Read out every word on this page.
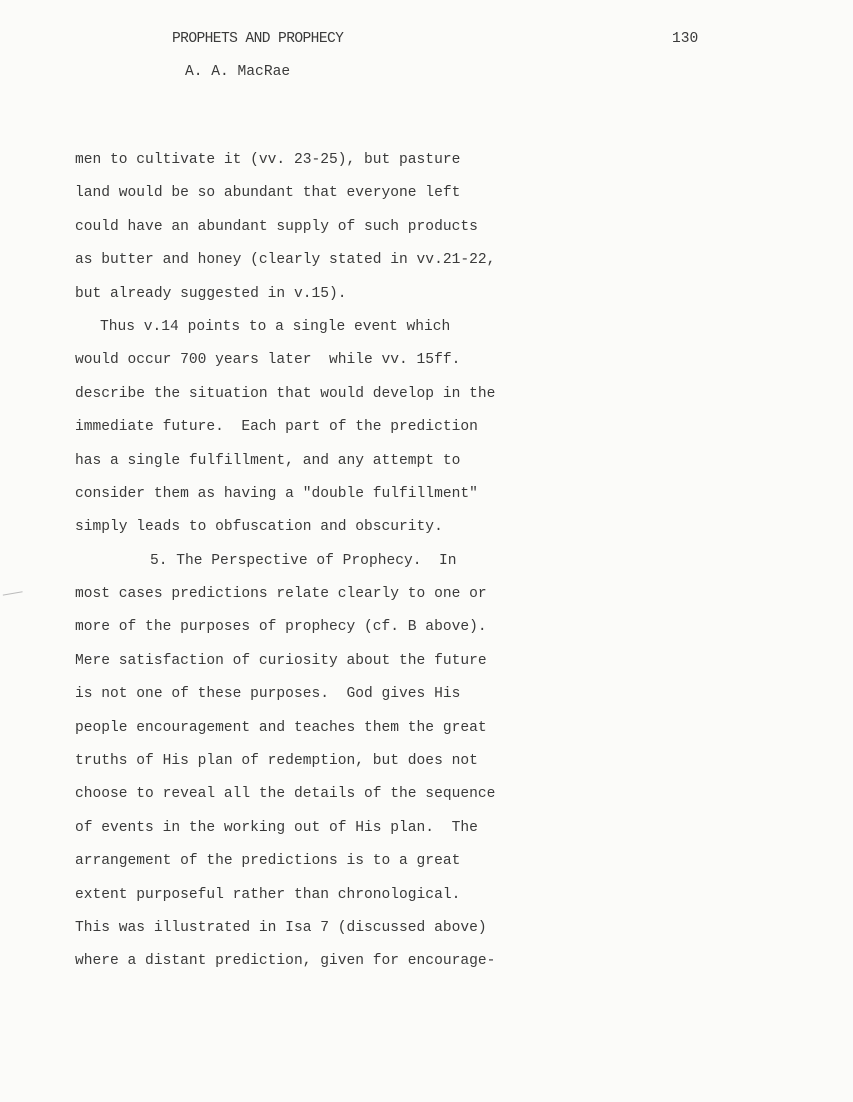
PROPHETS AND PROPHECY	130
A. A. MacRae
men to cultivate it (vv. 23-25), but pasture
land would be so abundant that everyone left
could have an abundant supply of such products
as butter and honey (clearly stated in vv.21-22,
but already suggested in v.15).
Thus v.14 points to a single event which
would occur 700 years later  while vv. 15ff.
describe the situation that would develop in the
immediate future.  Each part of the prediction
has a single fulfillment, and any attempt to
consider them as having a "double fulfillment"
simply leads to obfuscation and obscurity.
5. The Perspective of Prophecy.  In
most cases predictions relate clearly to one or
more of the purposes of prophecy (cf. B above).
Mere satisfaction of curiosity about the future
is not one of these purposes.  God gives His
people encouragement and teaches them the great
truths of His plan of redemption, but does not
choose to reveal all the details of the sequence
of events in the working out of His plan.  The
arrangement of the predictions is to a great
extent purposeful rather than chronological.
This was illustrated in Isa 7 (discussed above)
where a distant prediction, given for encourage-
